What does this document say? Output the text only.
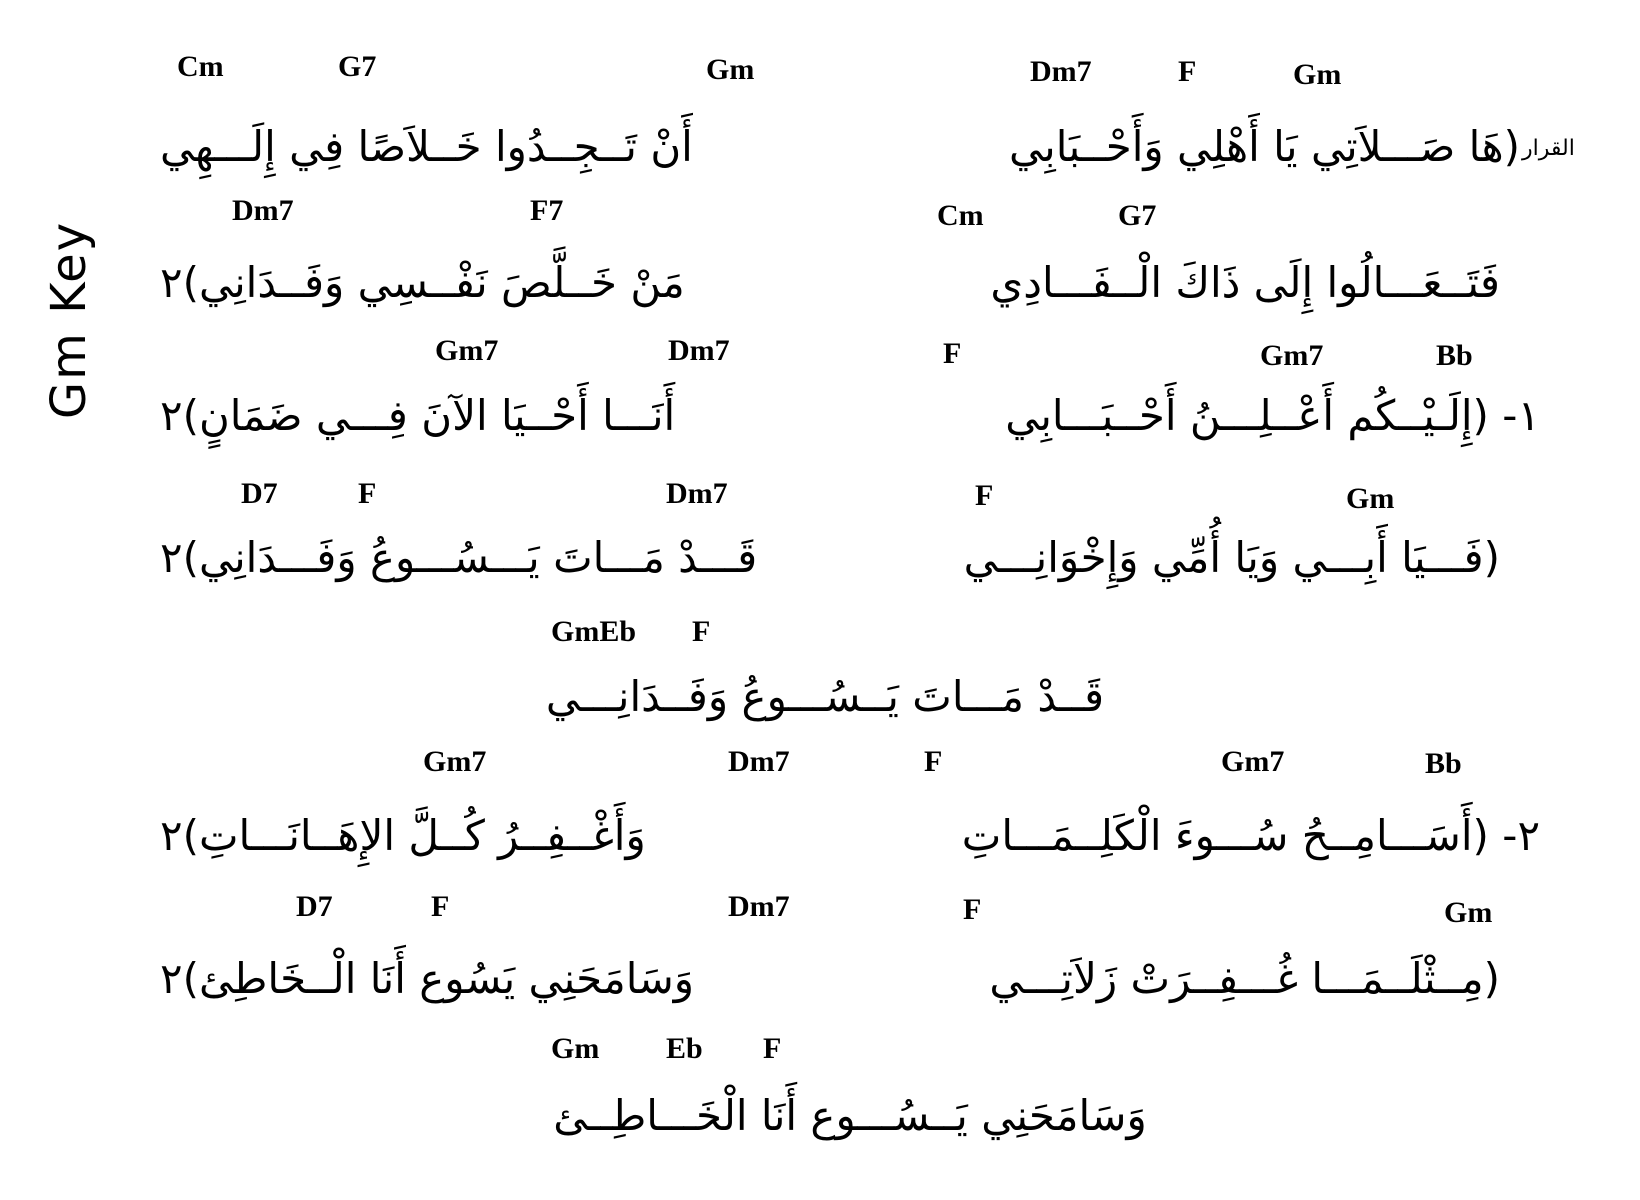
Gm Key
Cm	G7	Gm	Dm7	F	Gm
أَنْ تَــجِــدُوا خَــلاَصًا فِي إِلَـــهِي	(هَا صَـــلاَتِي يَا أَهْلِي وَأَحْــبَابِي القرار
Dm7	F7	Cm	G7
مَنْ خَــلَّصَ نَفْــسِي وَفَــدَانِي)٢	فَتَــعَـــالُوا إِلَى ذَاكَ الْــفَـــادِي
Gm7	Dm7	F	Gm7	Bb
أَنَـــا أَحْــيَا الآنَ فِـــي ضَمَانٍ)٢	١- (إِلَـيْــكُم أَعْــلِـــنُ أَحْــبَـــابِي
D7	F	Dm7	F	Gm
قَـــدْ مَـــاتَ يَـــسُـــوعُ وَفَـــدَانِي)٢	(فَـــيَا أَبِـــي وَيَا أُمِّي وَإِخْوَانِـــي
GmEb F
قَــدْ مَـــاتَ يَــسُـــوعُ وَفَــدَانِـــي
Gm7	Dm7	F	Gm7	Bb
وَأَغْــفِــرُ كُــلَّ الإِهَــانَـــاتِ)٢	٢- (أَسَـــامِــحُ سُـــوءَ الْكَلِــمَـــاتِ
D7	F	Dm7	F	Gm
وَسَامَحَنِي يَسُوع أَنَا الْــخَاطِئ)٢	(مِــثْلَــمَـــا غُـــفِــرَتْ زَلاَتِـــي
Gm Eb F
وَسَامَحَنِي يَــسُـــوع أَنَا الْخَـــاطِــئ
